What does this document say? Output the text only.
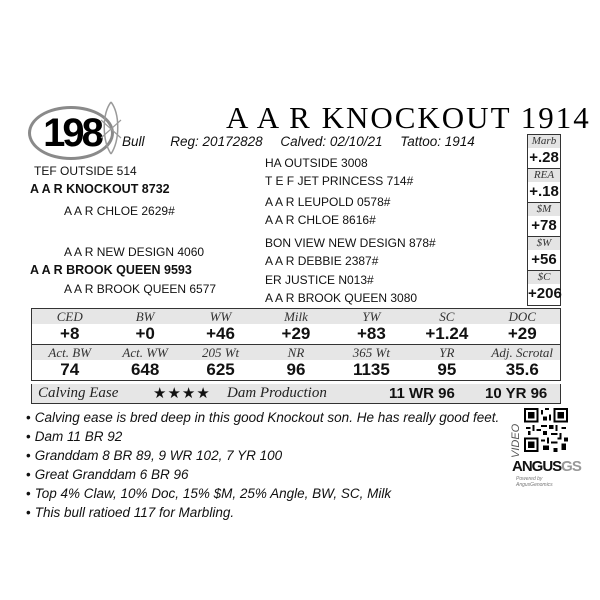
198	A A R KNOCKOUT 1914
Bull Reg: 20172828 Calved: 02/10/21 Tattoo: 1914
TEF OUTSIDE 514
A A R KNOCKOUT 8732
A A R CHLOE 2629#
A A R NEW DESIGN 4060
A A R BROOK QUEEN 9593
A A R BROOK QUEEN 6577
HA OUTSIDE 3008
T E F JET PRINCESS 714#
A A R LEUPOLD 0578#
A A R CHLOE 8616#
BON VIEW NEW DESIGN 878#
A A R DEBBIE 2387#
ER JUSTICE N013#
A A R BROOK QUEEN 3080
Marb
+.28
REA
+.18
$M
+78
$W
+56
$C
+206
CED	BW	WW	Milk	YW	SC	DOC
+8	+0	+46	+29	+83	+1.24	+29
Act. BW	Act. WW	205 Wt	NR	365 Wt	YR	Adj. Scrotal
74	648	625	96	1135	95	35.6
Calving Ease ★★★★ Dam Production	11 WR 96 10 YR 96
• Calving ease is bred deep in this good Knockout son. He has really good feet.
• Dam 11 BR 92
• Granddam 8 BR 89, 9 WR 102, 7 YR 100
• Great Granddam 6 BR 96
• Top 4% Claw, 10% Doc, 15% $M, 25% Angle, BW, SC, Milk
• This bull ratioed 117 for Marbling.
VIDEO
ANGUSGS
Powered by AngusGenomics
